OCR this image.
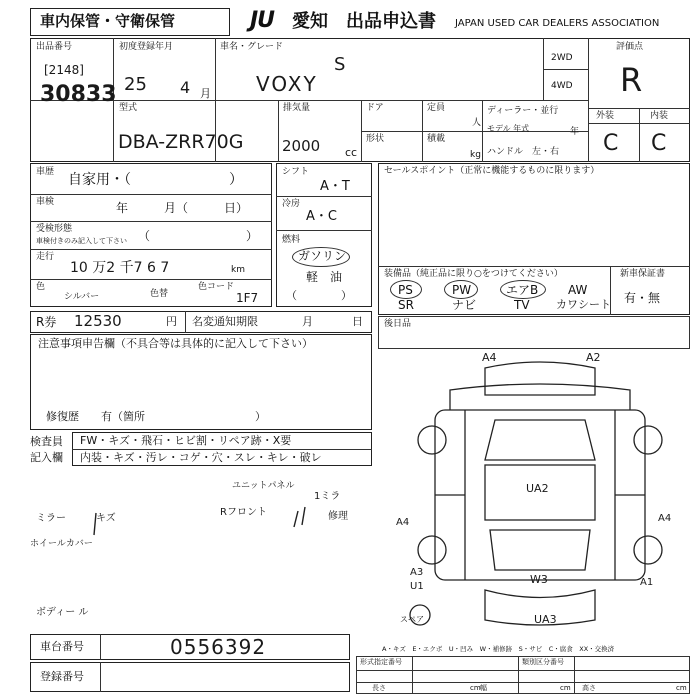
車内保管・守衛保管	JU 愛知 出品申込書 JAPAN USED CAR DEALERS ASSOCIATION
出品番号
[2148]
30833
初度登録年月
25 4 月
車名・グレード
VOXY
S	2WD
4WD
評価点
R
外装	内装
C C
型式
DBA-ZRR70G
排気量
2000 cc
ドア
形状
定員
人
積載
kg
ディーラー・並行
モデル 年式	年
ハンドル　左・右
車歴 自家用・（　　　　　　　）
車検	年　　　月（　　　日）
受検形態
車検付きのみ記入して下さい （　　　　　　　　）
走行
10 万2 千7 6 7	km
色
シルバー	色替
色コード
1F7
シフト
A・T
冷房
A・C
燃料
ガソリン
軽　油
（　　　　）
セールスポイント（正常に機能するものに限ります）
装備品（純正品に限り○をつけてください）
PS	PW	エアB AW
SR	ナビ	TV カワシート
新車保証書
有・無
後日品
R券 12530	円 名変通知期限	月	日
注意事項申告欄（不具合等は具体的に記入して下さい）
修復歴　　有（箇所　　　　　　　　　　）
検査員
記入欄
FW・キズ・飛石・ヒビ割・リペア跡・X要
内装・キズ・汚レ・コゲ・穴・スレ・キレ・破レ
ユニットパネル
ミラー	キズ
Rフロント
1ミラ
修理
ホイールカバー
ボディー ル
A4	A2
UA2
A4	A4
A3
U1
W3	A1
UA3
スペア
A・キズ　E・エクボ　U・凹み　W・補修跡　S・サビ　C・腐食　XX・交換済
車台番号	0556392
登録番号
形式指定番号	類別区分番号
長さ	幅	高さ
cm	cm	cm
